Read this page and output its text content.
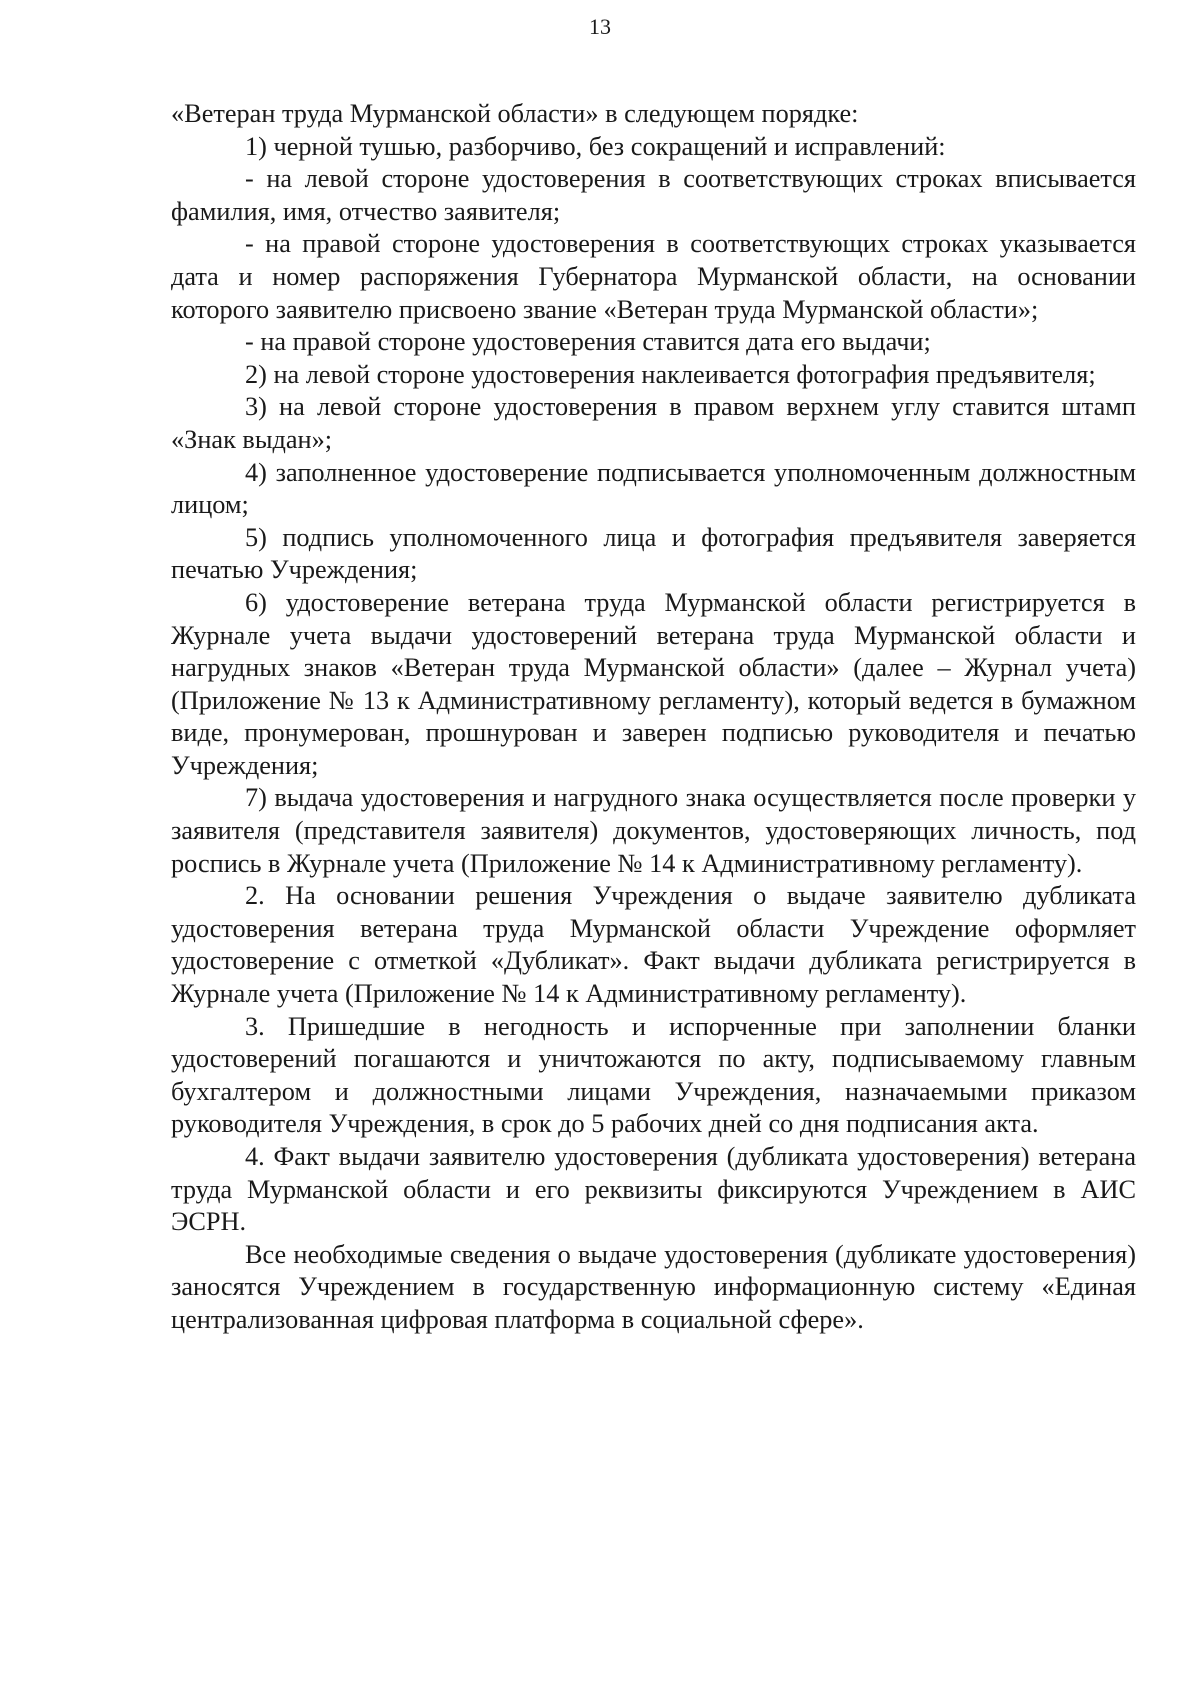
13

«Ветеран труда Мурманской области» в следующем порядке:

1) черной тушью, разборчиво, без сокращений и исправлений:

- на левой стороне удостоверения в соответствующих строках вписывается фамилия, имя, отчество заявителя;

- на правой стороне удостоверения в соответствующих строках указывается дата и номер распоряжения Губернатора Мурманской области, на основании которого заявителю присвоено звание «Ветеран труда Мурманской области»;

- на правой стороне удостоверения ставится дата его выдачи;

2) на левой стороне удостоверения наклеивается фотография предъявителя;

3) на левой стороне удостоверения в правом верхнем углу ставится штамп «Знак выдан»;

4) заполненное удостоверение подписывается уполномоченным должностным лицом;

5) подпись уполномоченного лица и фотография предъявителя заверяется печатью Учреждения;

6) удостоверение ветерана труда Мурманской области регистрируется в Журнале учета выдачи удостоверений ветерана труда Мурманской области и нагрудных знаков «Ветеран труда Мурманской области» (далее – Журнал учета) (Приложение № 13 к Административному регламенту), который ведется в бумажном виде, пронумерован, прошнурован и заверен подписью руководителя и печатью Учреждения;

7) выдача удостоверения и нагрудного знака осуществляется после проверки у заявителя (представителя заявителя) документов, удостоверяющих личность, под роспись в Журнале учета (Приложение № 14 к Административному регламенту).

2. На основании решения Учреждения о выдаче заявителю дубликата удостоверения ветерана труда Мурманской области Учреждение оформляет удостоверение с отметкой «Дубликат». Факт выдачи дубликата регистрируется в Журнале учета (Приложение № 14 к Административному регламенту).

3. Пришедшие в негодность и испорченные при заполнении бланки удостоверений погашаются и уничтожаются по акту, подписываемому главным бухгалтером и должностными лицами Учреждения, назначаемыми приказом руководителя Учреждения, в срок до 5 рабочих дней со дня подписания акта.

4. Факт выдачи заявителю удостоверения (дубликата удостоверения) ветерана труда Мурманской области и его реквизиты фиксируются Учреждением в АИС ЭСРН.

Все необходимые сведения о выдаче удостоверения (дубликате удостоверения) заносятся Учреждением в государственную информационную систему «Единая централизованная цифровая платформа в социальной сфере».
